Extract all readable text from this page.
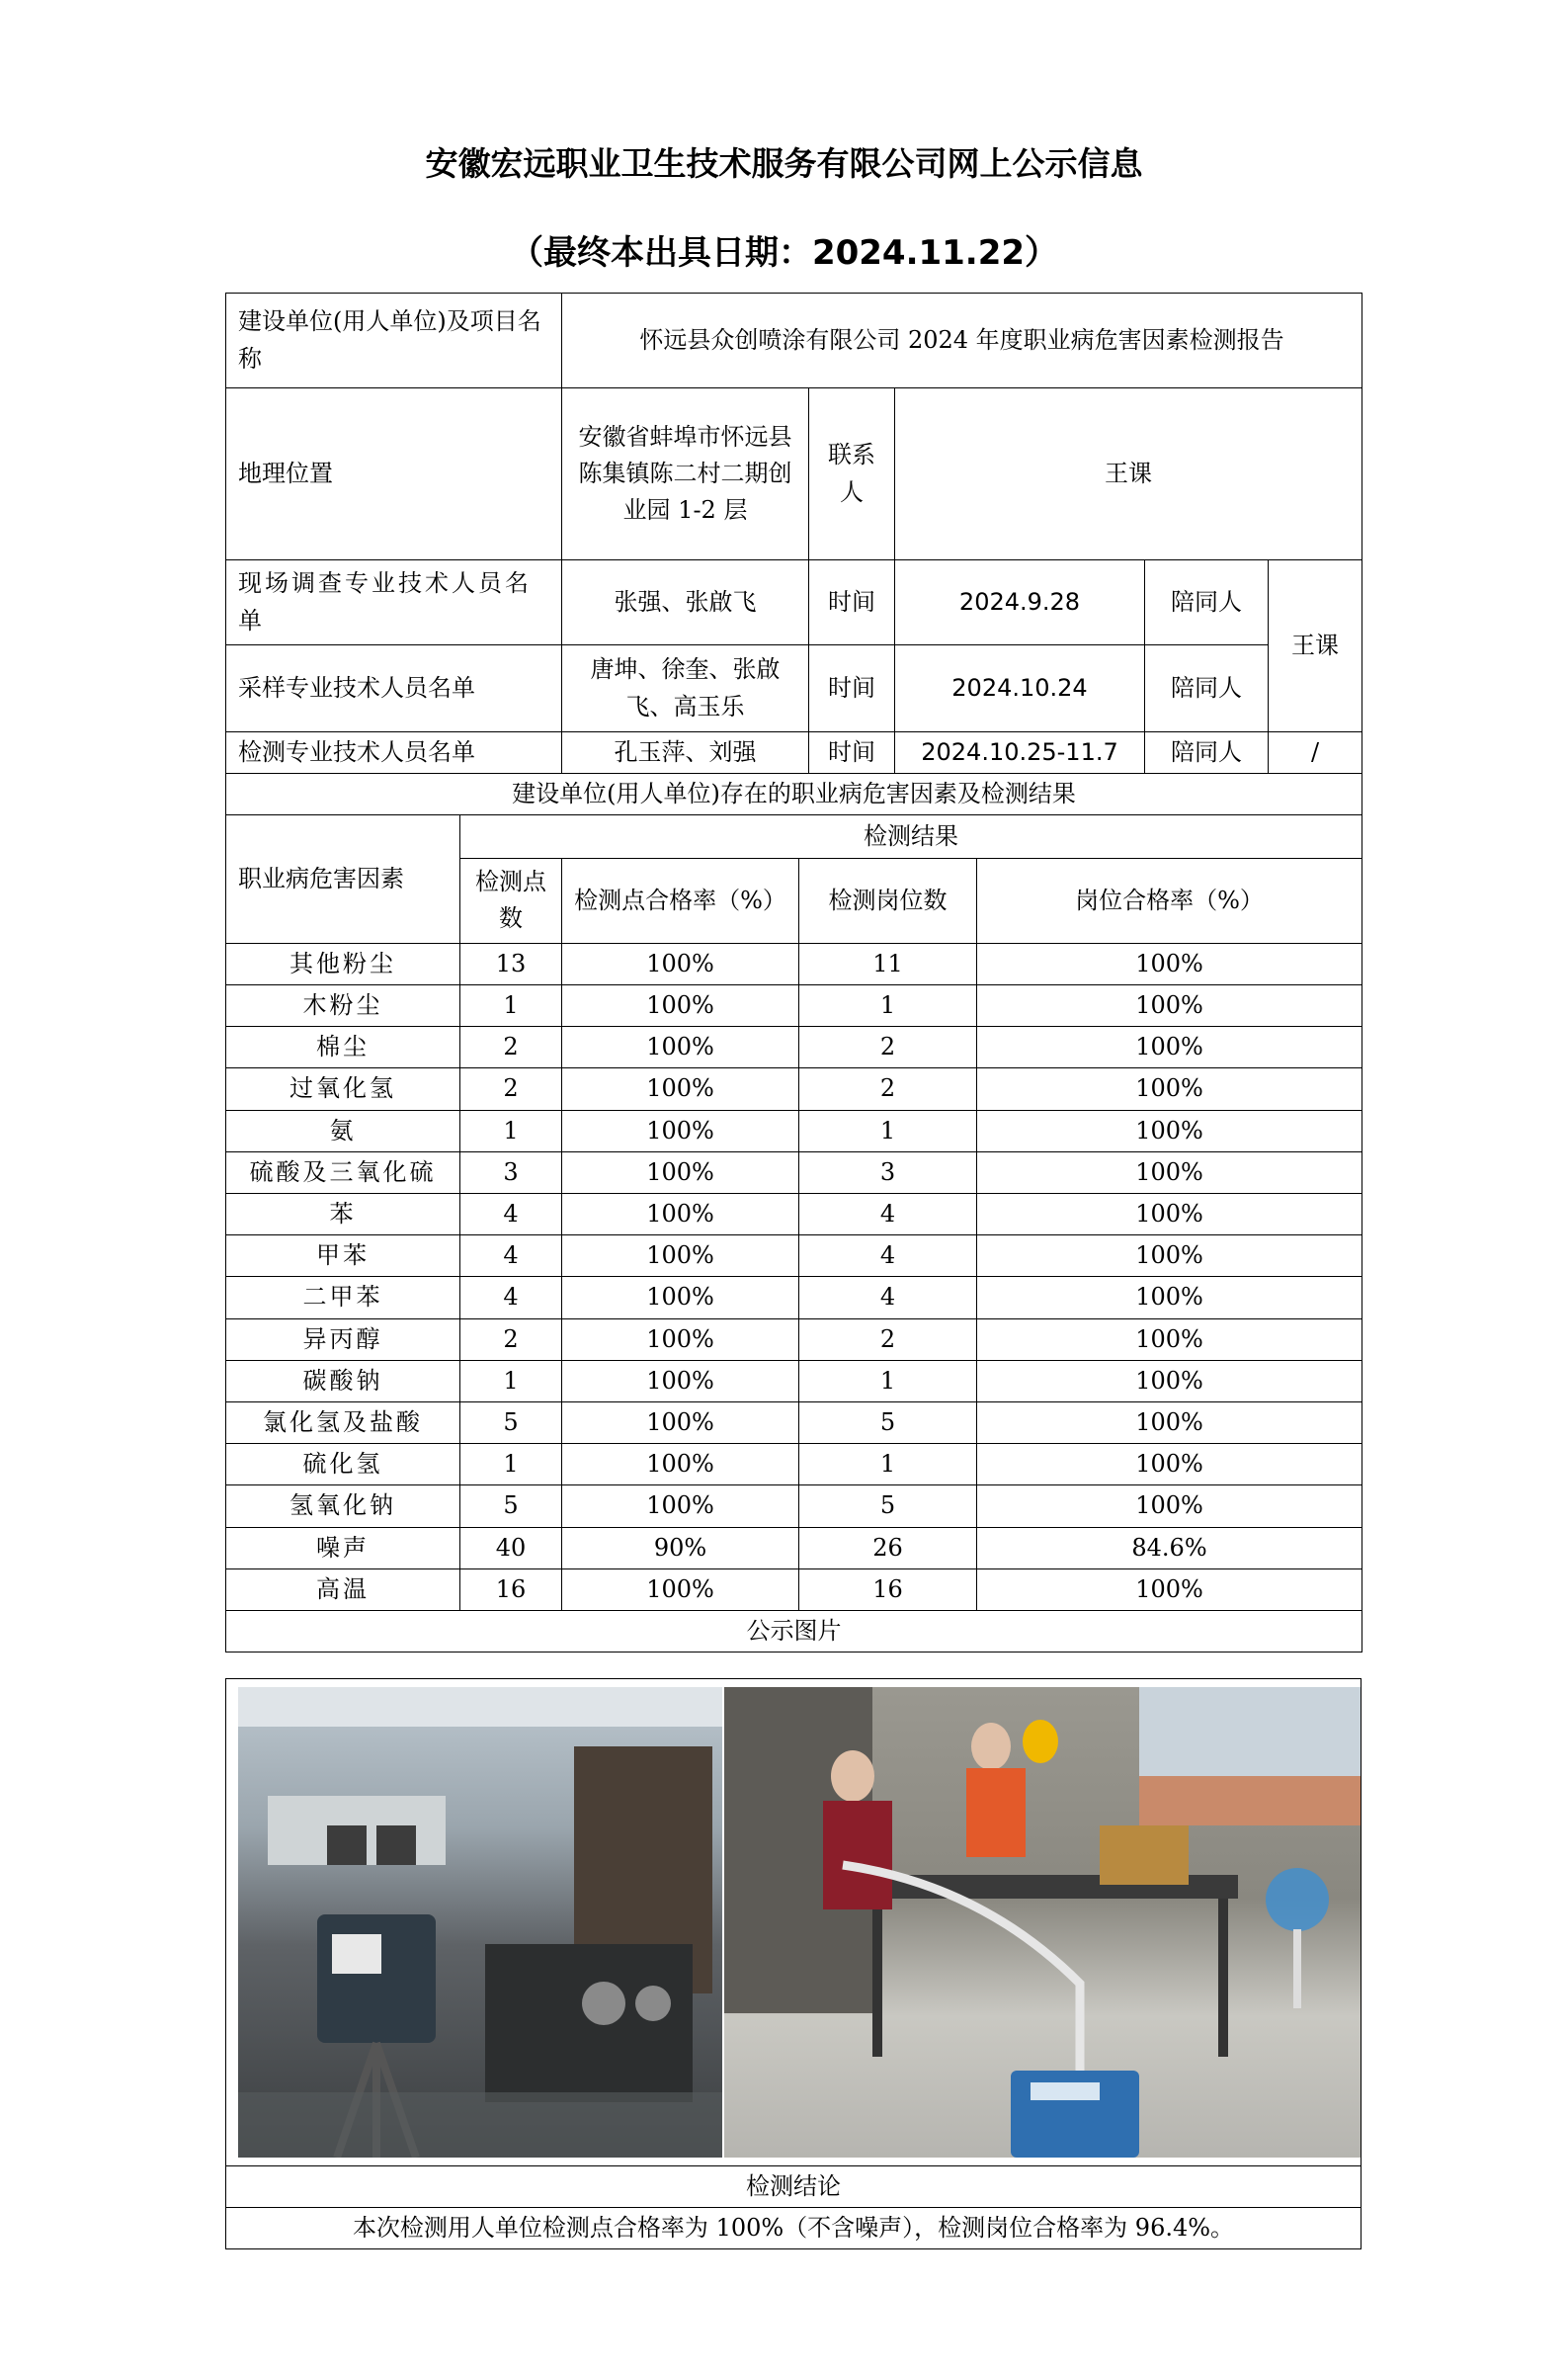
安徽宏远职业卫生技术服务有限公司网上公示信息
（最终本出具日期：2024.11.22）
建设单位(用人单位)及项目名称	怀远县众创喷涂有限公司 2024 年度职业病危害因素检测报告				
地理位置	安徽省蚌埠市怀远县陈集镇陈二村二期创业园 1-2 层	联系人	王课		
现场调查专业技术人员名单	张强、张啟飞	时间	2024.9.28	陪同人	王课
采样专业技术人员名单	唐坤、徐奎、张啟飞、高玉乐	时间	2024.10.24	陪同人	
检测专业技术人员名单	孔玉萍、刘强	时间	2024.10.25-11.7	陪同人	/
建设单位(用人单位)存在的职业病危害因素及检测结果				
职业病危害因素	检测结果			
	检测点数	检测点合格率（%）	检测岗位数	岗位合格率（%）
其他粉尘	13	100%	11	100%
木粉尘	1	100%	1	100%
棉尘	2	100%	2	100%
过氧化氢	2	100%	2	100%
氨	1	100%	1	100%
硫酸及三氧化硫	3	100%	3	100%
苯	4	100%	4	100%
甲苯	4	100%	4	100%
二甲苯	4	100%	4	100%
异丙醇	2	100%	2	100%
碳酸钠	1	100%	1	100%
氯化氢及盐酸	5	100%	5	100%
硫化氢	1	100%	1	100%
氢氧化钠	5	100%	5	100%
噪声	40	90%	26	84.6%
高温	16	100%	16	100%
公示图片				

检测结论
本次检测用人单位检测点合格率为 100%（不含噪声），检测岗位合格率为 96.4%。
